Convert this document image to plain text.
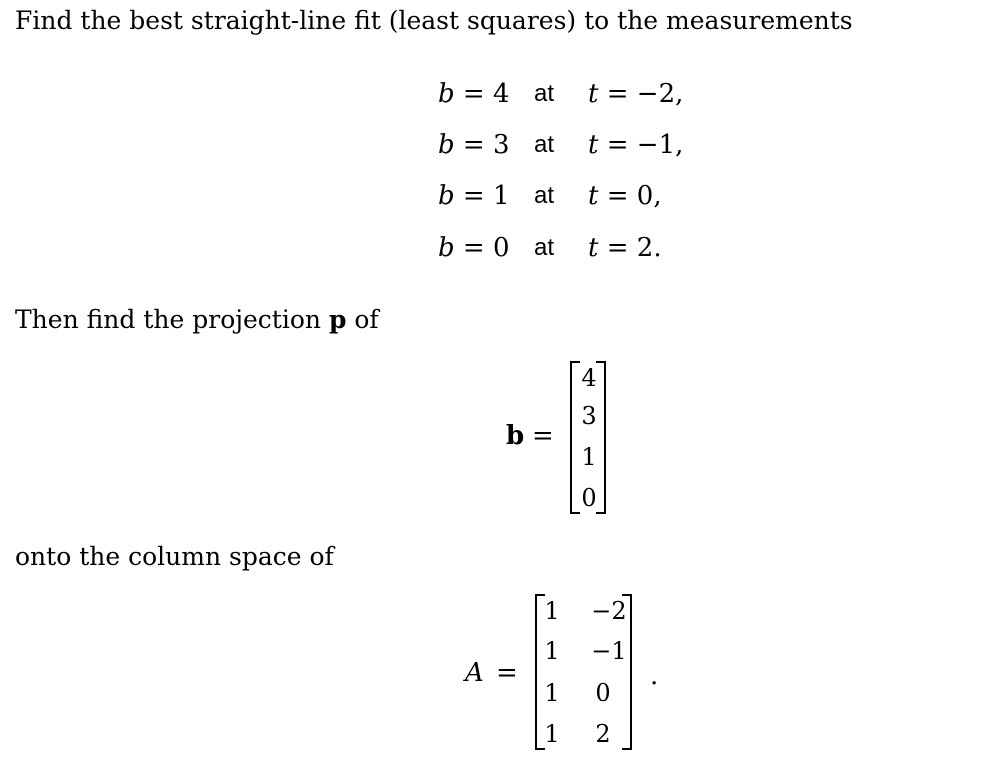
Find the best straight-line fit (least squares) to the measurements
b = 4	at t = −2,
b = 3	at t = −1,
b = 1	at t = 0,
b = 0	at t = 2.
Then find the projection p of
b =
4
3
1
0
onto the column space of
A =
1 −2
1 −1
1 0
1 2
.
